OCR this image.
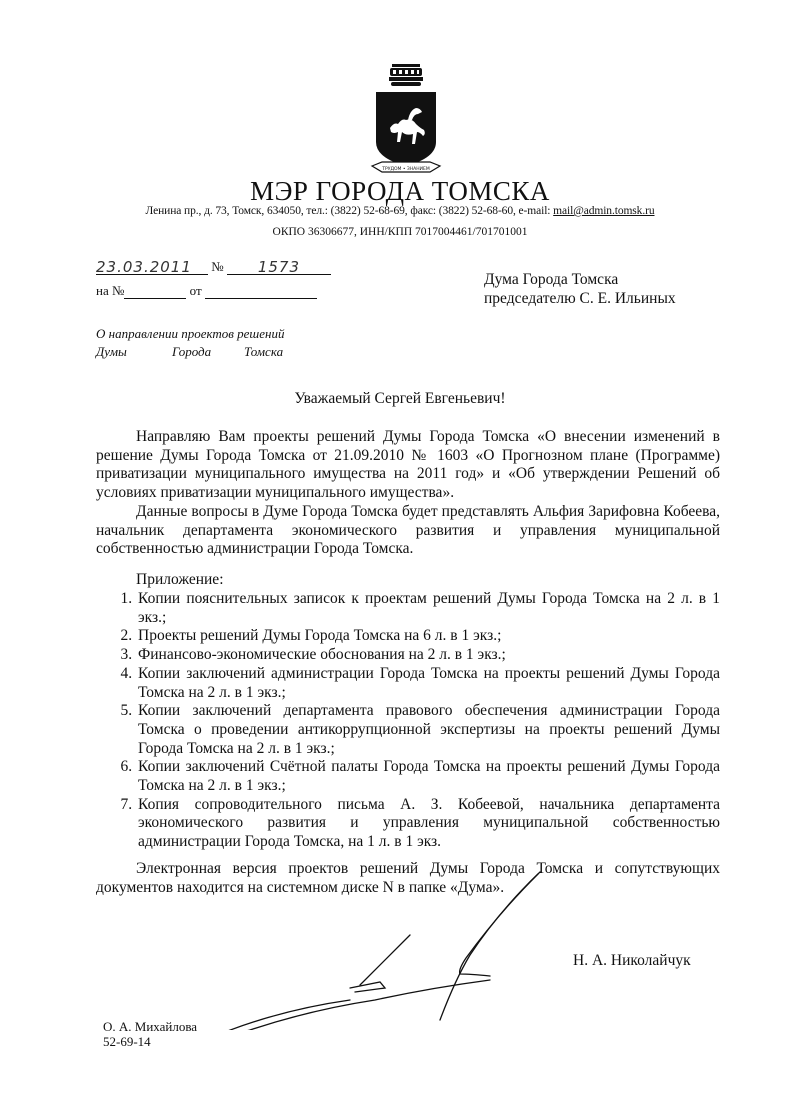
ТРУДОМ • ЗНАНИЕМ
МЭР ГОРОДА ТОМСКА
Ленина пр., д. 73, Томск, 634050, тел.: (3822) 52-68-69, факс: (3822) 52-68-60, e-mail: mail@admin.tomsk.ru
ОКПО 36306677, ИНН/КПП 7017004461/701701001
23.03.2011 № 1573
на №	от
Дума Города Томска
председателю С. Е. Ильиных
О направлении проектов решений
Думы	Города	Томска
Уважаемый Сергей Евгеньевич!

Направляю Вам проекты решений Думы Города Томска «О внесении изменений в решение Думы Города Томска от 21.09.2010 № 1603 «О Прогнозном плане (Программе) приватизации муниципального имущества на 2011 год» и «Об утверждении Решений об условиях приватизации муниципального имущества».

Данные вопросы в Думе Города Томска будет представлять Альфия Зарифовна Кобеева, начальник департамента экономического развития и управления муниципальной собственностью администрации Города Томска.

Приложение:
1. Копии пояснительных записок к проектам решений Думы Города Томска на 2 л. в 1 экз.;
2. Проекты решений Думы Города Томска на 6 л. в 1 экз.;
3. Финансово-экономические обоснования на 2 л. в 1 экз.;
4. Копии заключений администрации Города Томска на проекты решений Думы Города Томска на 2 л. в 1 экз.;
5. Копии заключений департамента правового обеспечения администрации Города Томска о проведении антикоррупционной экспертизы на проекты решений Думы Города Томска на 2 л. в 1 экз.;
6. Копии заключений Счётной палаты Города Томска на проекты решений Думы Города Томска на 2 л. в 1 экз.;
7. Копия сопроводительного письма А. З. Кобеевой, начальника департамента экономического развития и управления муниципальной собственностью администрации Города Томска, на 1 л. в 1 экз.

Электронная версия проектов решений Думы Города Томска и сопутствующих документов находится на системном диске N в папке «Дума».

Н. А. Николайчук
О. А. Михайлова
52-69-14
